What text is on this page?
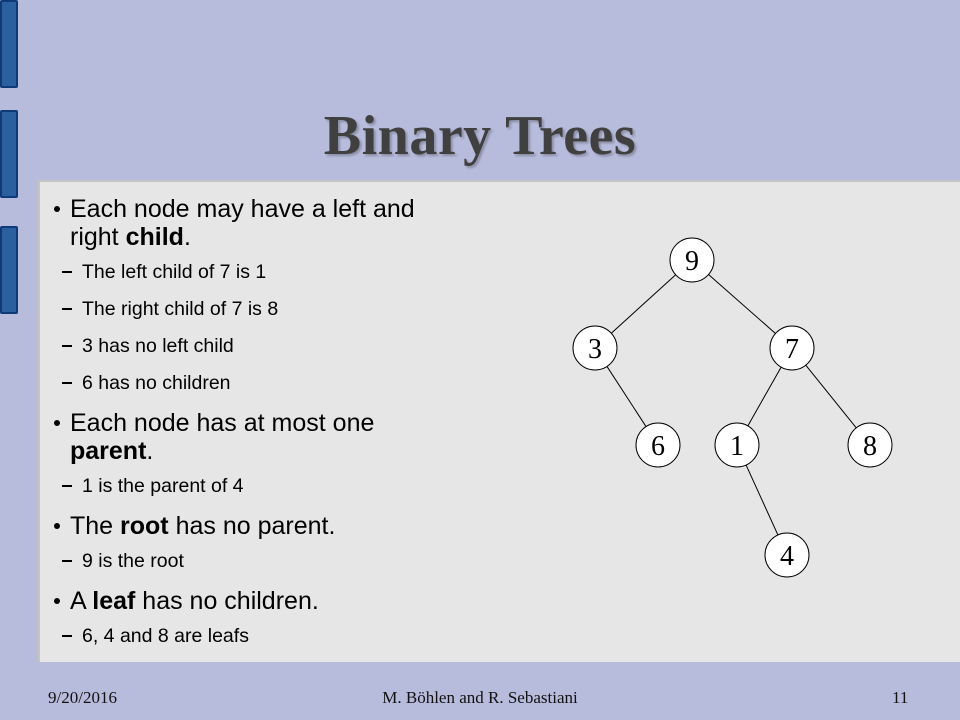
Binary Trees
Each node may have a left and right child.
The left child of 7 is 1
The right child of 7 is 8
3 has no left child
6 has no children
Each node has at most one parent.
1 is the parent of 4
The root has no parent.
9 is the root
A leaf has no children.
6, 4 and 8 are leafs
9
3	7
6 1	8
4
9/20/2016	M. Böhlen and R. Sebastiani	11
